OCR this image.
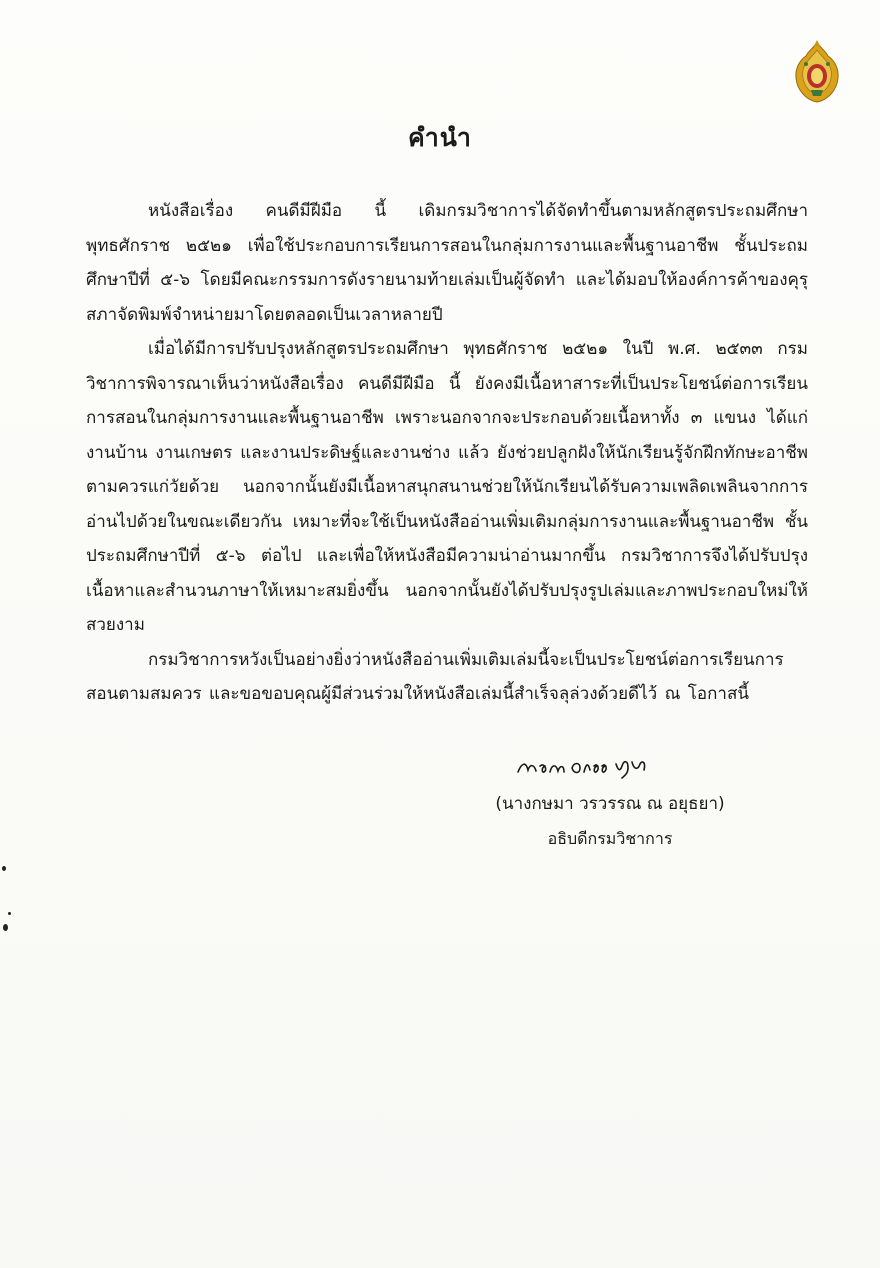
คำนำ

หนังสือเรื่อง คนดีมีฝีมือ นี้ เดิมกรมวิชาการได้จัดทำขึ้นตามหลักสูตรประถมศึกษา พุทธศักราช ๒๕๒๑ เพื่อใช้ประกอบการเรียนการสอนในกลุ่มการงานและพื้นฐานอาชีพ ชั้นประถมศึกษาปีที่ ๕-๖ โดยมีคณะกรรมการดังรายนามท้ายเล่มเป็นผู้จัดทำ และได้มอบให้องค์การค้าของคุรุสภาจัดพิมพ์จำหน่ายมาโดยตลอดเป็นเวลาหลายปี

เมื่อได้มีการปรับปรุงหลักสูตรประถมศึกษา พุทธศักราช ๒๕๒๑ ในปี พ.ศ. ๒๕๓๓ กรมวิชาการพิจารณาเห็นว่าหนังสือเรื่อง คนดีมีฝีมือ นี้ ยังคงมีเนื้อหาสาระที่เป็นประโยชน์ต่อการเรียนการสอนในกลุ่มการงานและพื้นฐานอาชีพ เพราะนอกจากจะประกอบด้วยเนื้อหาทั้ง ๓ แขนง ได้แก่ งานบ้าน งานเกษตร และงานประดิษฐ์และงานช่าง แล้ว ยังช่วยปลูกฝังให้นักเรียนรู้จักฝึกทักษะอาชีพตามควรแก่วัยด้วย นอกจากนั้นยังมีเนื้อหาสนุกสนานช่วยให้นักเรียนได้รับความเพลิดเพลินจากการอ่านไปด้วยในขณะเดียวกัน เหมาะที่จะใช้เป็นหนังสืออ่านเพิ่มเติมกลุ่มการงานและพื้นฐานอาชีพ ชั้นประถมศึกษาปีที่ ๕-๖ ต่อไป และเพื่อให้หนังสือมีความน่าอ่านมากขึ้น กรมวิชาการจึงได้ปรับปรุงเนื้อหาและสำนวนภาษาให้เหมาะสมยิ่งขึ้น นอกจากนั้นยังได้ปรับปรุงรูปเล่มและภาพประกอบใหม่ให้สวยงาม

กรมวิชาการหวังเป็นอย่างยิ่งว่าหนังสืออ่านเพิ่มเติมเล่มนี้จะเป็นประโยชน์ต่อการเรียนการสอนตามสมควร และขอขอบคุณผู้มีส่วนร่วมให้หนังสือเล่มนี้สำเร็จลุล่วงด้วยดีไว้ ณ โอกาสนี้

(นางกษมา วรวรรณ ณ อยุธยา)
อธิบดีกรมวิชาการ
